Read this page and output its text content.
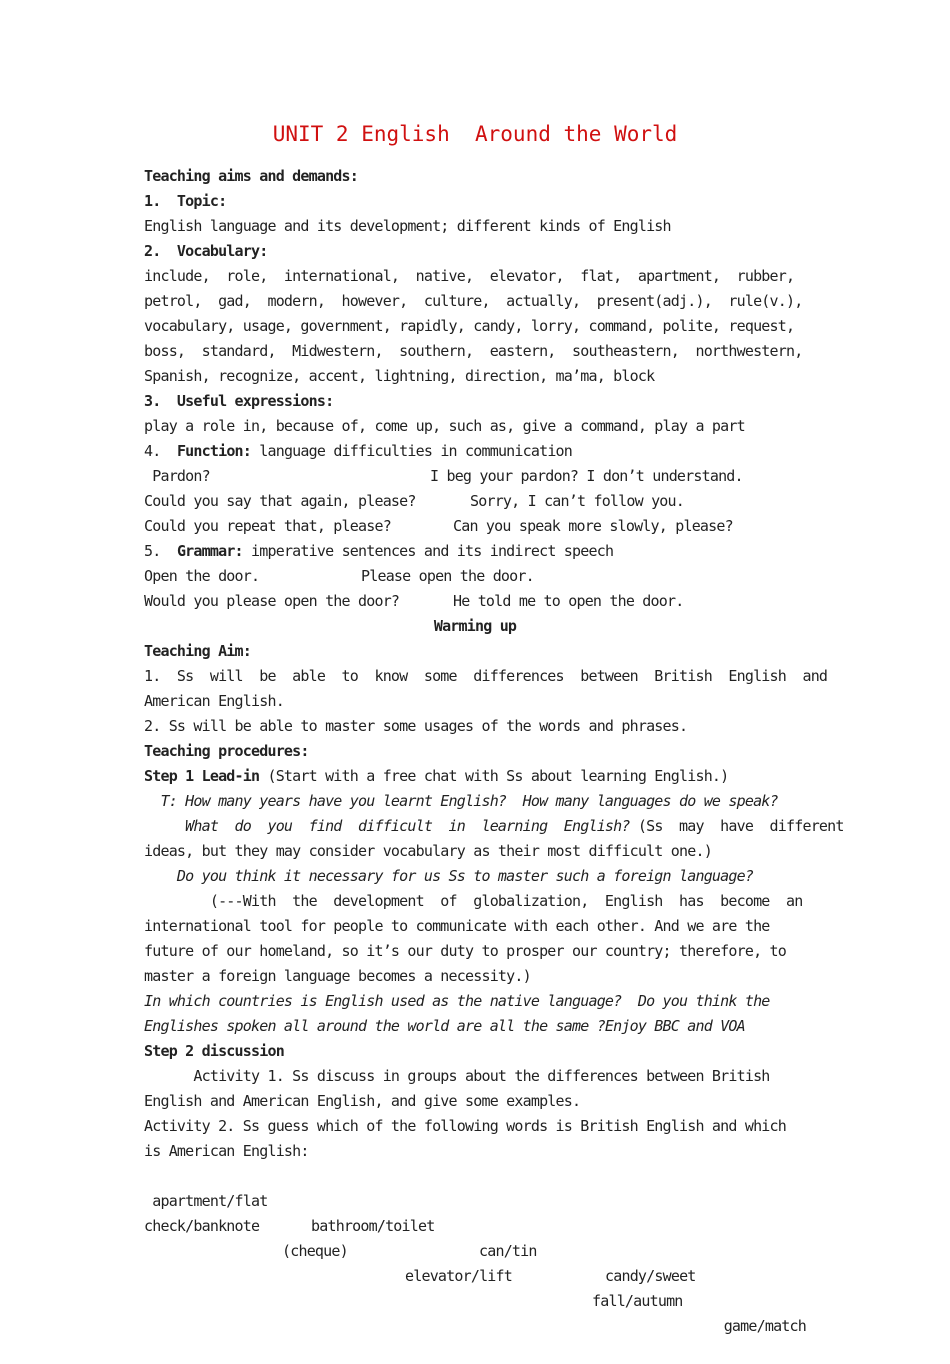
UNIT 2 English  Around the World
Teaching aims and demands:
1.  Topic:
English language and its development; different kinds of English
2.  Vocabulary:
include,  role,  international,  native,  elevator,  flat,  apartment,  rubber,
petrol,  gad,  modern,  however,  culture,  actually,  present(adj.),  rule(v.),
vocabulary, usage, government, rapidly, candy, lorry, command, polite, request,
boss,  standard,  Midwestern,  southern,  eastern,  southeastern,  northwestern,
Spanish, recognize, accent, lightning, direction, ma’ma, block
3.  Useful expressions:
play a role in, because of, come up, such as, give a command, play a part
4.  Function: language difficulties in communication
Pardon?	I beg your pardon? I don’t understand.
Could you say that again, please?	Sorry, I can’t follow you.
Could you repeat that, please?	Can you speak more slowly, please?
5.  Grammar: imperative sentences and its indirect speech
Open the door.	Please open the door.
Would you please open the door?	He told me to open the door.
Warming up
Teaching Aim:
1.  Ss  will  be  able  to  know  some  differences  between  British  English  and
American English.
2. Ss will be able to master some usages of the words and phrases.
Teaching procedures:
Step 1 Lead-in (Start with a free chat with Ss about learning English.)
T: How many years have you learnt English?  How many languages do we speak?
What  do  you  find  difficult  in  learning  English? (Ss  may  have  different
ideas, but they may consider vocabulary as their most difficult one.)
Do you think it necessary for us Ss to master such a foreign language?
(---With  the  development  of  globalization,  English  has  become  an
international tool for people to communicate with each other. And we are the
future of our homeland, so it’s our duty to prosper our country; therefore, to
master a foreign language becomes a necessity.)
In which countries is English used as the native language?  Do you think the
Englishes spoken all around the world are all the same ?Enjoy BBC and VOA
Step 2 discussion
Activity 1. Ss discuss in groups about the differences between British
English and American English, and give some examples.
Activity 2. Ss guess which of the following words is British English and which
is American English:

apartment/flat

bathroom/toilet

can/tin

candy/sweet

check/banknote

(cheque)

elevator/lift

fall/autumn

game/match
